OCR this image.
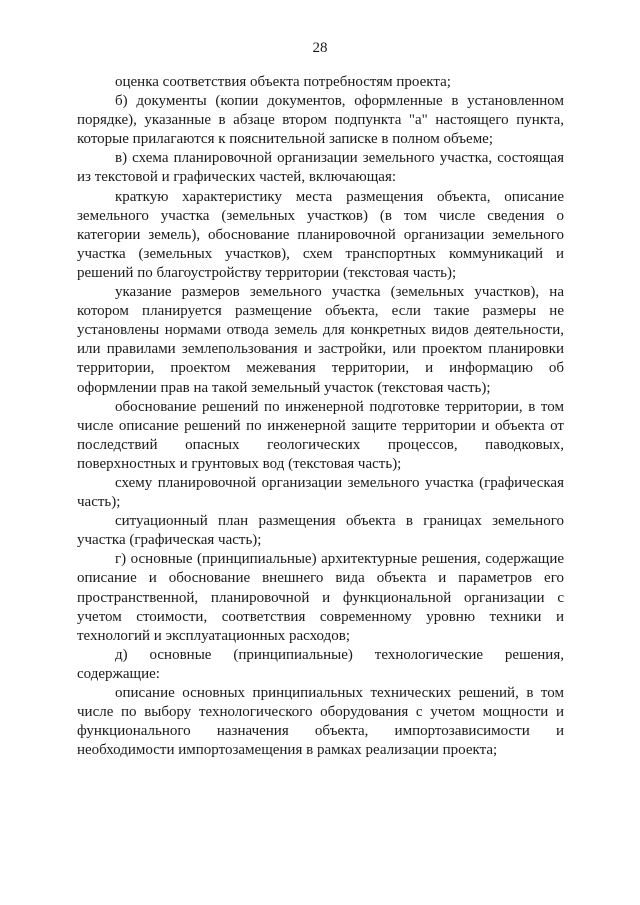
28

оценка соответствия объекта потребностям проекта;

б) документы (копии документов, оформленные в установленном порядке), указанные в абзаце втором подпункта "а" настоящего пункта, которые прилагаются к пояснительной записке в полном объеме;

в) схема планировочной организации земельного участка, состоящая из текстовой и графических частей, включающая:

краткую характеристику места размещения объекта, описание земельного участка (земельных участков) (в том числе сведения о категории земель), обоснование планировочной организации земельного участка (земельных участков), схем транспортных коммуникаций и решений по благоустройству территории (текстовая часть);

указание размеров земельного участка (земельных участков), на котором планируется размещение объекта, если такие размеры не установлены нормами отвода земель для конкретных видов деятельности, или правилами землепользования и застройки, или проектом планировки территории, проектом межевания территории, и информацию об оформлении прав на такой земельный участок (текстовая часть);

обоснование решений по инженерной подготовке территории, в том числе описание решений по инженерной защите территории и объекта от последствий опасных геологических процессов, паводковых, поверхностных и грунтовых вод (текстовая часть);

схему планировочной организации земельного участка (графическая часть);

ситуационный план размещения объекта в границах земельного участка (графическая часть);

г) основные (принципиальные) архитектурные решения, содержащие описание и обоснование внешнего вида объекта и параметров его пространственной, планировочной и функциональной организации с учетом стоимости, соответствия современному уровню техники и технологий и эксплуатационных расходов;

д) основные (принципиальные) технологические решения, содержащие:

описание основных принципиальных технических решений, в том числе по выбору технологического оборудования с учетом мощности и функционального назначения объекта, импортозависимости и необходимости импортозамещения в рамках реализации проекта;
